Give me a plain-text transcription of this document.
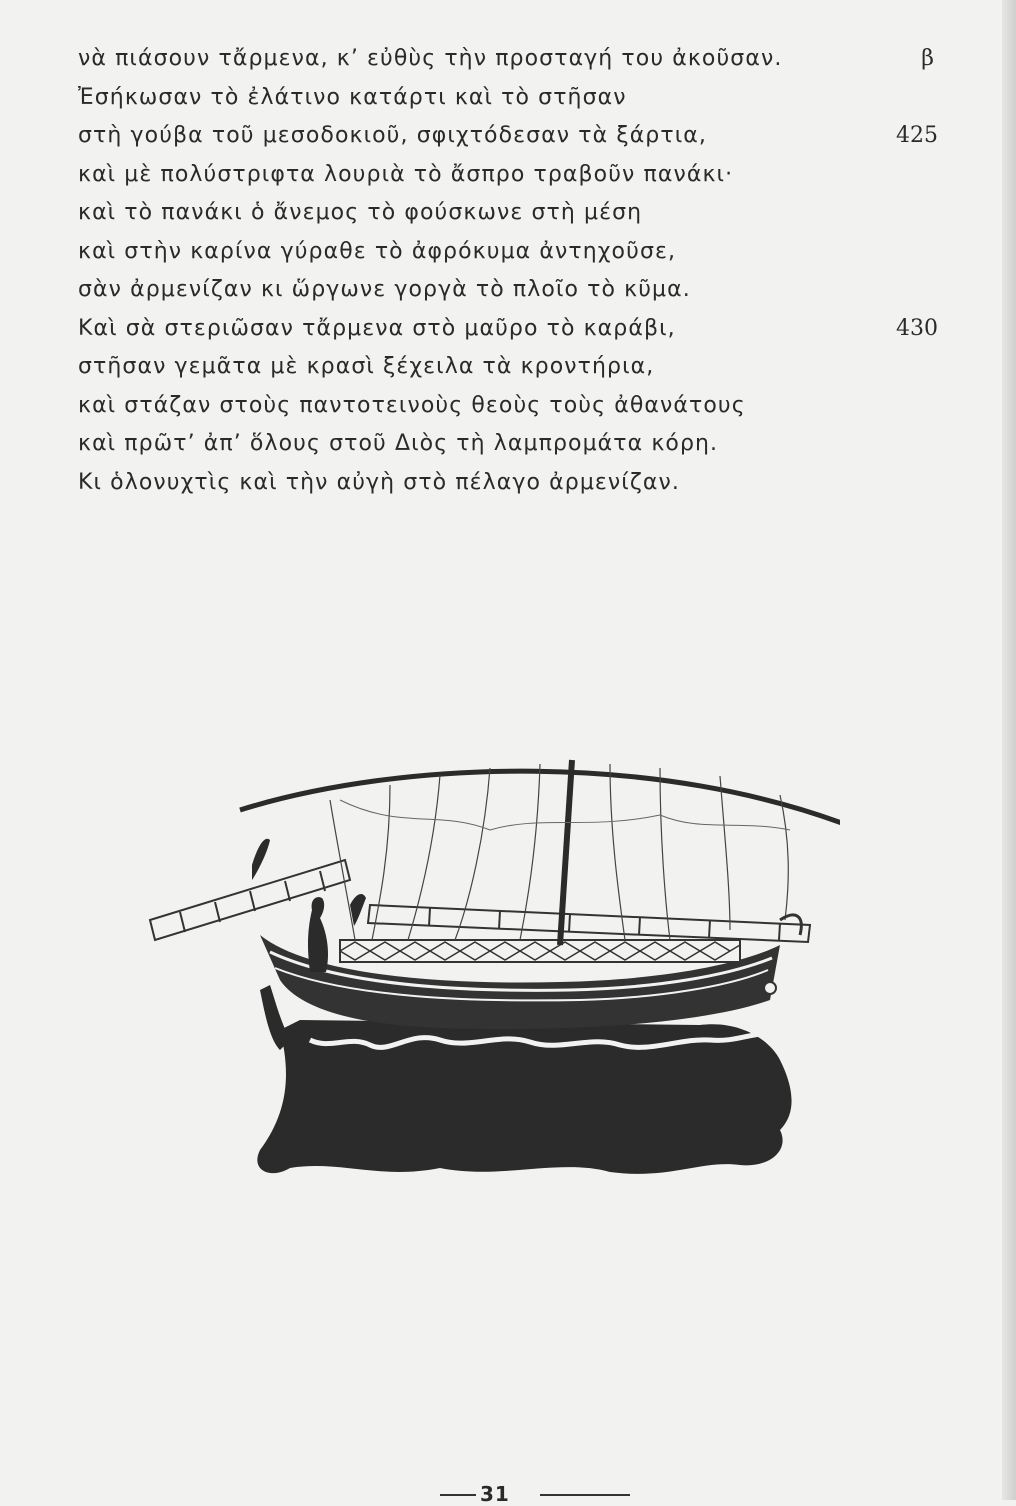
νὰ πιάσουν τἄρμενα, κ’ εὐθὺς τὴν προσταγή του ἀκοῦσαν.	β
Ἐσήκωσαν τὸ ἐλάτινο κατάρτι καὶ τὸ στῆσαν
στὴ γούβα τοῦ μεσοδοκιοῦ, σφιχτόδεσαν τὰ ξάρτια,	425
καὶ μὲ πολύστριφτα λουριὰ τὸ ἄσπρο τραβοῦν πανάκι·
καὶ τὸ πανάκι ὁ ἄνεμος τὸ φούσκωνε στὴ μέση
καὶ στὴν καρίνα γύραθε τὸ ἀφρόκυμα ἀντηχοῦσε,
σὰν ἀρμενίζαν κι ὥργωνε γοργὰ τὸ πλοῖο τὸ κῦμα.
Καὶ σὰ στεριῶσαν τἄρμενα στὸ μαῦρο τὸ καράβι,	430
στῆσαν γεμᾶτα μὲ κρασὶ ξέχειλα τὰ κροντήρια,
καὶ στάζαν στοὺς παντοτεινοὺς θεοὺς τοὺς ἀθανάτους
καὶ πρῶτ’ ἀπ’ ὅλους στοῦ Διὸς τὴ λαμπρομάτα κόρη.
Κι ὁλονυχτὶς καὶ τὴν αὐγὴ στὸ πέλαγο ἀρμενίζαν.
31
